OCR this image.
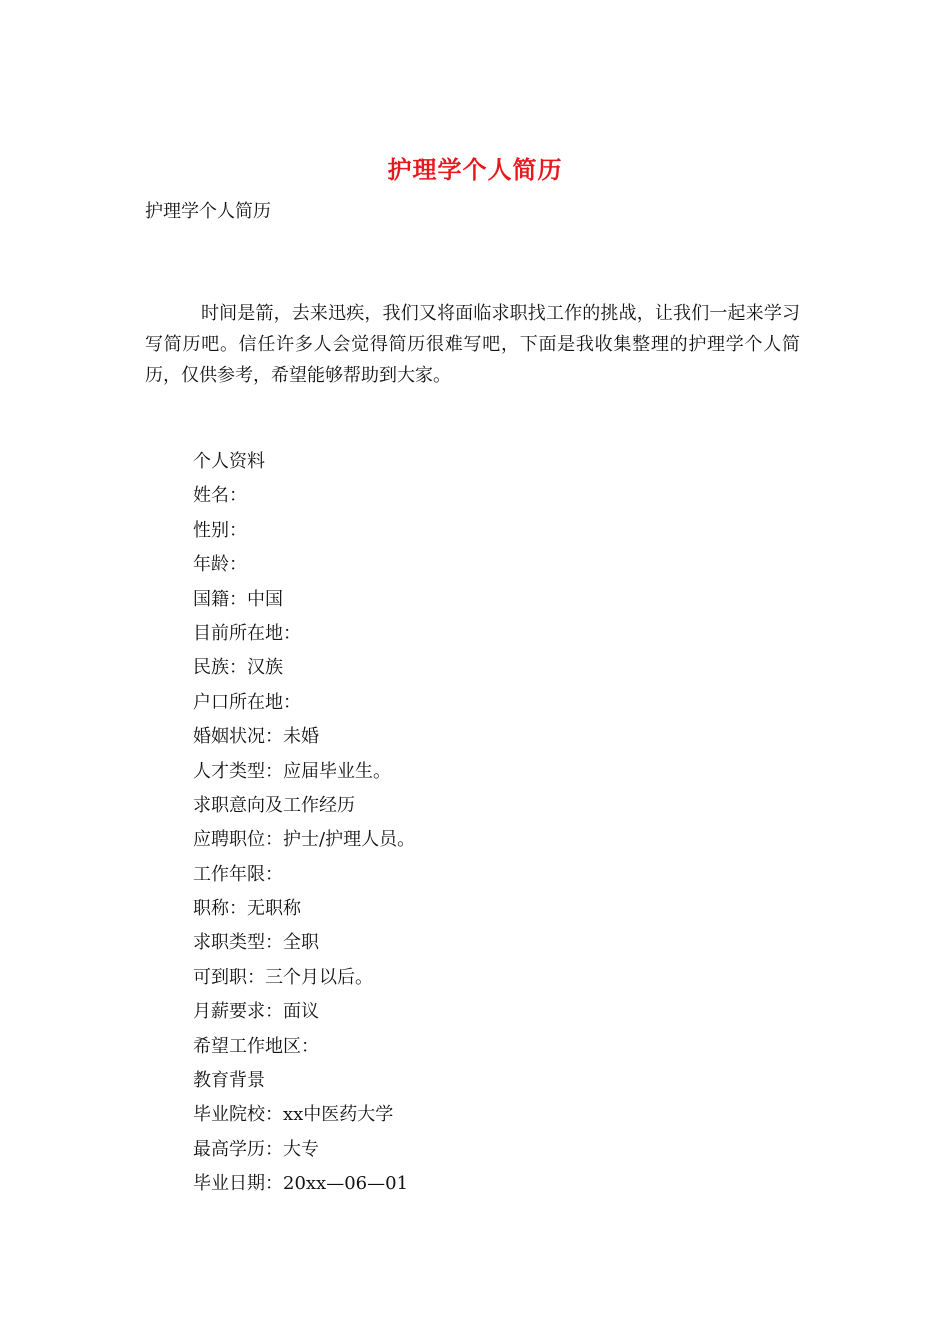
护理学个人简历
护理学个人简历

时间是箭，去来迅疾，我们又将面临求职找工作的挑战，让我们一起来学习写简历吧。信任许多人会觉得简历很难写吧，下面是我收集整理的护理学个人简历，仅供参考，希望能够帮助到大家。

个人资料
姓名：
性别：
年龄：
国籍：中国
目前所在地：
民族：汉族
户口所在地：
婚姻状况：未婚
人才类型：应届毕业生。
求职意向及工作经历
应聘职位：护士/护理人员。
工作年限：
职称：无职称
求职类型：全职
可到职：三个月以后。
月薪要求：面议
希望工作地区：
教育背景
毕业院校：xx中医药大学
最高学历：大专
毕业日期：20xx—06—01
